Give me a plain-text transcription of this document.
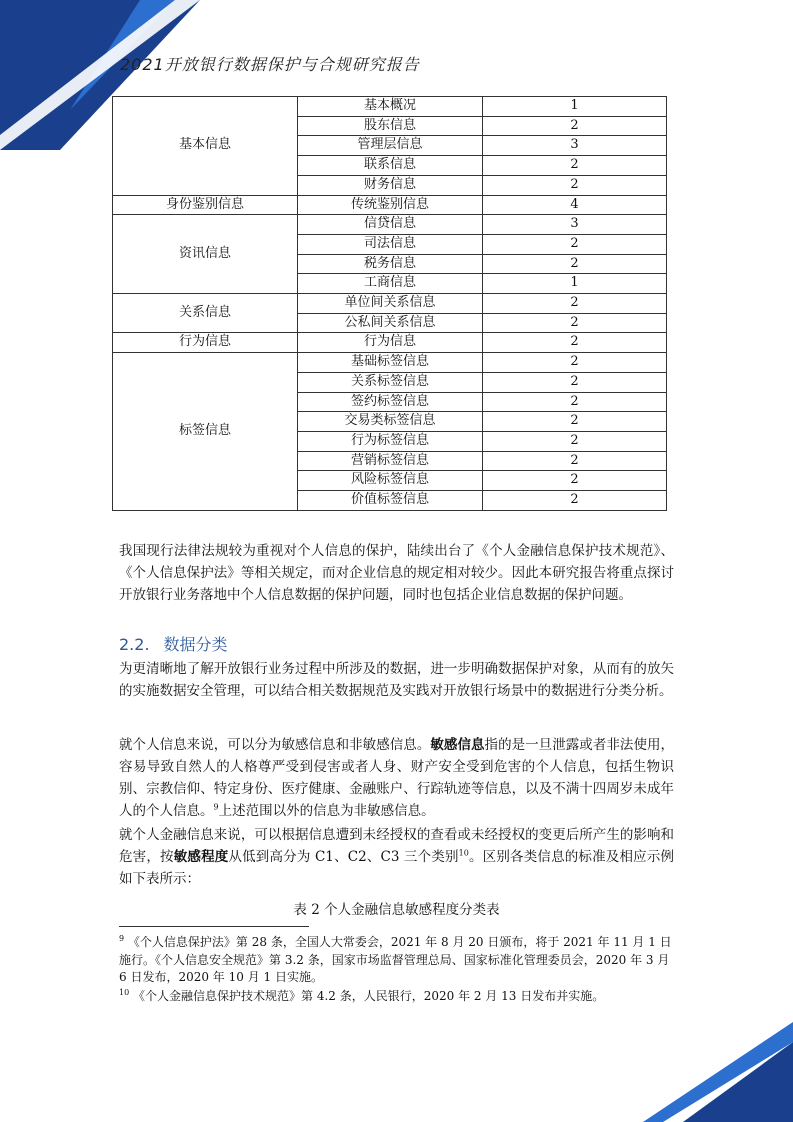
2021开放银行数据保护与合规研究报告
基本信息	基本概况	1
	股东信息	2
	管理层信息	3
	联系信息	2
	财务信息	2
身份鉴别信息	传统鉴别信息	4
资讯信息	信贷信息	3
	司法信息	2
	税务信息	2
	工商信息	1
关系信息	单位间关系信息	2
	公私间关系信息	2
行为信息	行为信息	2
标签信息	基础标签信息	2
	关系标签信息	2
	签约标签信息	2
	交易类标签信息	2
	行为标签信息	2
	营销标签信息	2
	风险标签信息	2
	价值标签信息	2

我国现行法律法规较为重视对个人信息的保护，陆续出台了《个人金融信息保护技术规范》、《个人信息保护法》等相关规定，而对企业信息的规定相对较少。因此本研究报告将重点探讨开放银行业务落地中个人信息数据的保护问题，同时也包括企业信息数据的保护问题。

2.2. 数据分类

为更清晰地了解开放银行业务过程中所涉及的数据，进一步明确数据保护对象，从而有的放矢的实施数据安全管理，可以结合相关数据规范及实践对开放银行场景中的数据进行分类分析。

就个人信息来说，可以分为敏感信息和非敏感信息。敏感信息指的是一旦泄露或者非法使用，容易导致自然人的人格尊严受到侵害或者人身、财产安全受到危害的个人信息，包括生物识别、宗教信仰、特定身份、医疗健康、金融账户、行踪轨迹等信息，以及不满十四周岁未成年人的个人信息。$^9$上述范围以外的信息为非敏感信息。

就个人金融信息来说，可以根据信息遭到未经授权的查看或未经授权的变更后所产生的影响和危害，按敏感程度从低到高分为 C1、C2、C3 三个类别$^{10}$。区别各类信息的标准及相应示例如下表所示：

表 2 个人金融信息敏感程度分类表

$^9$ 《个人信息保护法》第 28 条，全国人大常委会，2021 年 8 月 20 日颁布，将于 2021 年 11 月 1 日施行。《个人信息安全规范》第 3.2 条，国家市场监督管理总局、国家标准化管理委员会，2020 年 3 月 6 日发布，2020 年 10 月 1 日实施。

$^{10}$ 《个人金融信息保护技术规范》第 4.2 条，人民银行，2020 年 2 月 13 日发布并实施。
